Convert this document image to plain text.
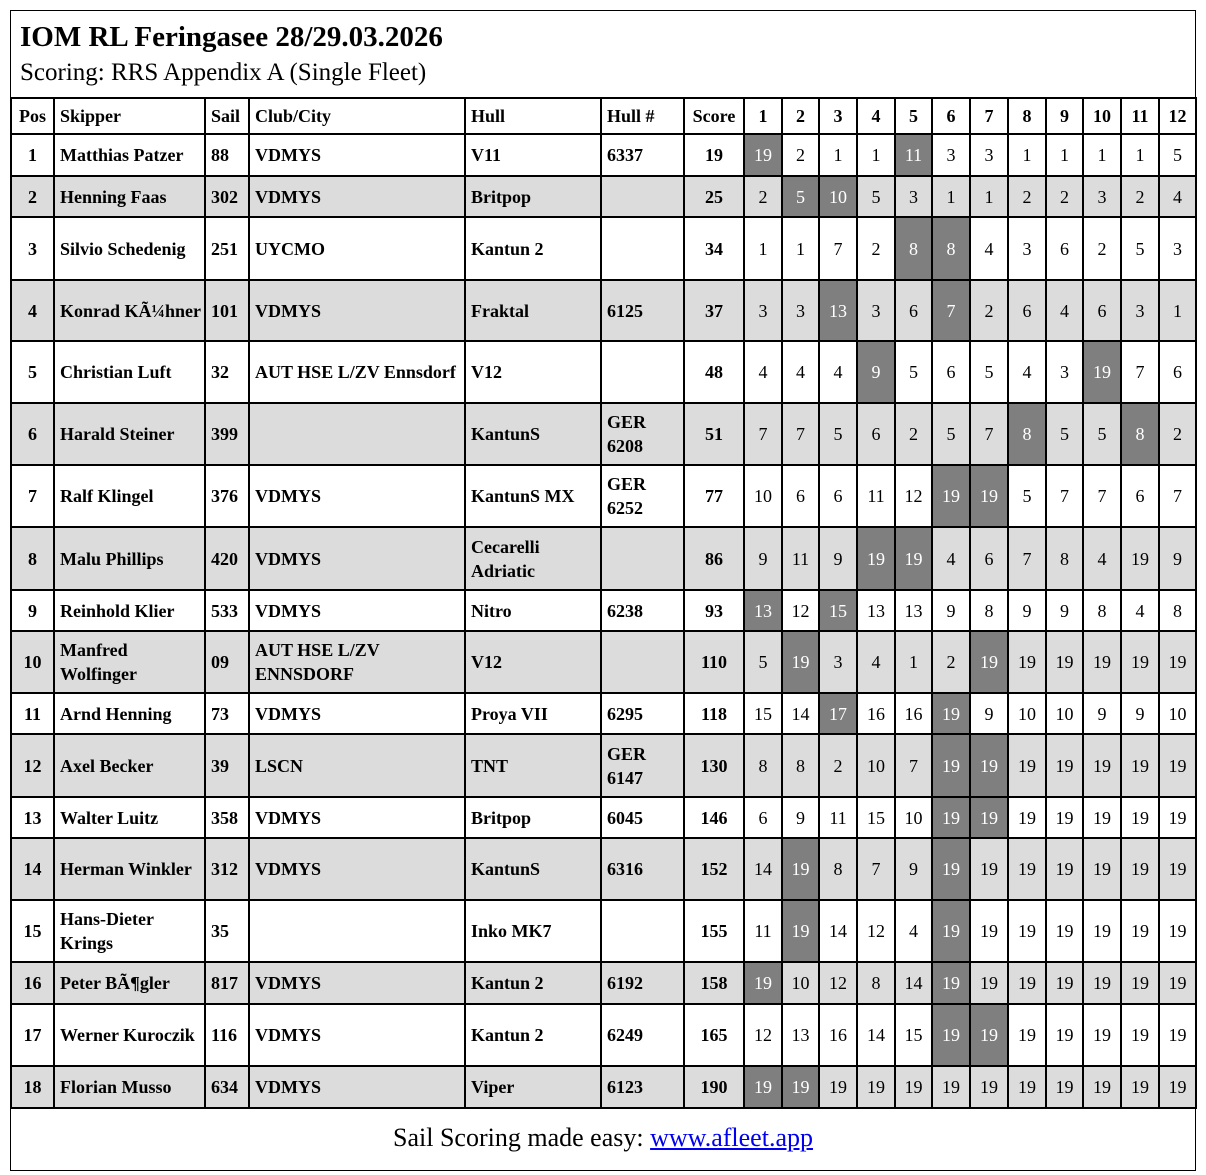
IOM RL Feringasee 28/29.03.2026
Scoring: RRS Appendix A (Single Fleet)
Pos	Skipper	Sail	Club/City	Hull	Hull #	Score	1	2	3	4	5	6	7	8	9	10	11	12
1	Matthias Patzer	88	VDMYS	V11	6337	19	19	2	1	1	11	3	3	1	1	1	1	5
2	Henning Faas	302	VDMYS	Britpop		25	2	5	10	5	3	1	1	2	2	3	2	4
3	Silvio Schedenig	251	UYCMO	Kantun 2		34	1	1	7	2	8	8	4	3	6	2	5	3
4	Konrad KÃ¼hner	101	VDMYS	Fraktal	6125	37	3	3	13	3	6	7	2	6	4	6	3	1
5	Christian Luft	32	AUT HSE L/ZV Ennsdorf	V12		48	4	4	4	9	5	6	5	4	3	19	7	6
6	Harald Steiner	399		KantunS	GER 6208	51	7	7	5	6	2	5	7	8	5	5	8	2
7	Ralf Klingel	376	VDMYS	KantunS MX	GER 6252	77	10	6	6	11	12	19	19	5	7	7	6	7
8	Malu Phillips	420	VDMYS	Cecarelli Adriatic		86	9	11	9	19	19	4	6	7	8	4	19	9
9	Reinhold Klier	533	VDMYS	Nitro	6238	93	13	12	15	13	13	9	8	9	9	8	4	8
10	Manfred Wolfinger	09	AUT HSE L/ZV ENNSDORF	V12		110	5	19	3	4	1	2	19	19	19	19	19	19
11	Arnd Henning	73	VDMYS	Proya VII	6295	118	15	14	17	16	16	19	9	10	10	9	9	10
12	Axel Becker	39	LSCN	TNT	GER 6147	130	8	8	2	10	7	19	19	19	19	19	19	19
13	Walter Luitz	358	VDMYS	Britpop	6045	146	6	9	11	15	10	19	19	19	19	19	19	19
14	Herman Winkler	312	VDMYS	KantunS	6316	152	14	19	8	7	9	19	19	19	19	19	19	19
15	Hans-Dieter Krings	35		Inko MK7		155	11	19	14	12	4	19	19	19	19	19	19	19
16	Peter BÃ¶gler	817	VDMYS	Kantun 2	6192	158	19	10	12	8	14	19	19	19	19	19	19	19
17	Werner Kuroczik	116	VDMYS	Kantun 2	6249	165	12	13	16	14	15	19	19	19	19	19	19	19
18	Florian Musso	634	VDMYS	Viper	6123	190	19	19	19	19	19	19	19	19	19	19	19	19
Sail Scoring made easy: www.afleet.app
